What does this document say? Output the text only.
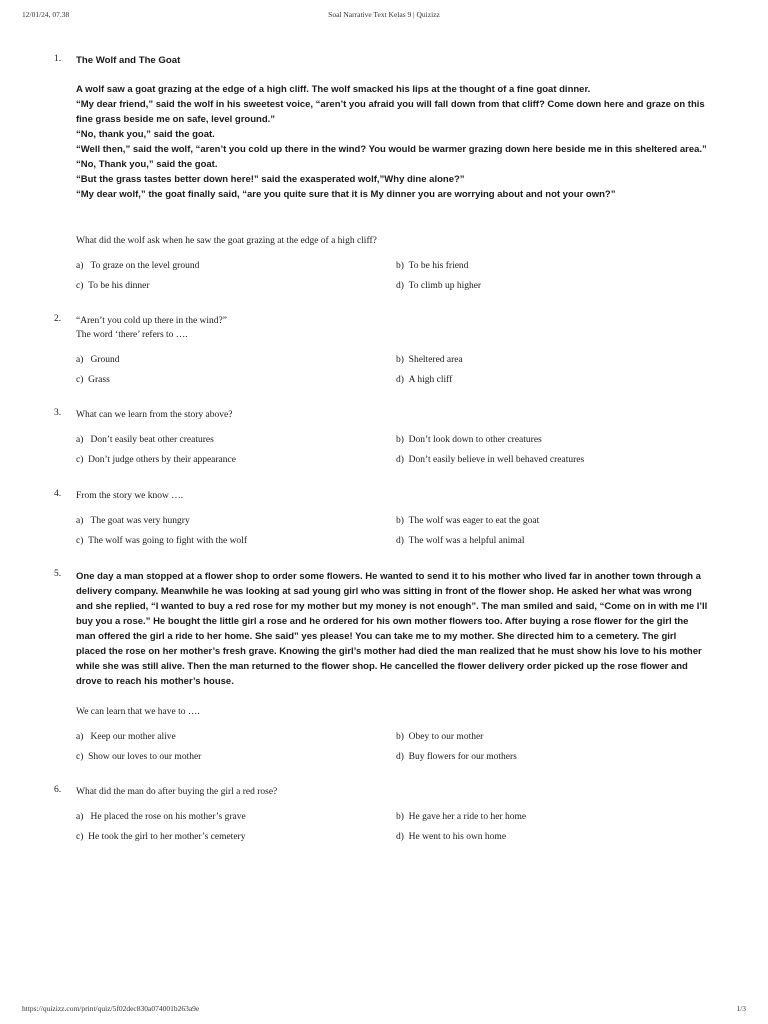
12/01/24, 07.38	Soal Narrative Text Kelas 9 | Quizizz
1. The Wolf and The Goat

A wolf saw a goat grazing at the edge of a high cliff. The wolf smacked his lips at the thought of a fine goat dinner.

“My dear friend,” said the wolf in his sweetest voice, “aren’t you afraid you will fall down from that cliff? Come down here and graze on this fine grass beside me on safe, level ground.”

“No, thank you,” said the goat.

“Well then,” said the wolf, “aren’t you cold up there in the wind? You would be warmer grazing down here beside me in this sheltered area.”

“No, Thank you,” said the goat.

“But the grass tastes better down here!” said the exasperated wolf,”Why dine alone?”

“My dear wolf,” the goat finally said, “are you quite sure that it is My dinner you are worrying about and not your own?”

What did the wolf ask when he saw the goat grazing at the edge of a high cliff?

a) To graze on the level ground	b) To be his friend
c) To be his dinner	d) To climb up higher
2. “Aren’t you cold up there in the wind?”

The word ‘there’ refers to ….

a) Ground	b) Sheltered area
c) Grass	d) A high cliff
3. What can we learn from the story above?

a) Don’t easily beat other creatures	b) Don’t look down to other creatures
c) Don’t judge others by their appearance	d) Don’t easily believe in well behaved creatures
4. From the story we know ….

a) The goat was very hungry	b) The wolf was eager to eat the goat
c) The wolf was going to fight with the wolf	d) The wolf was a helpful animal
5. One day a man stopped at a flower shop to order some flowers. He wanted to send it to his mother who lived far in another town through a delivery company. Meanwhile he was looking at sad young girl who was sitting in front of the flower shop. He asked her what was wrong and she replied, “I wanted to buy a red rose for my mother but my money is not enough”. The man smiled and said, “Come on in with me I’ll buy you a rose.” He bought the little girl a rose and he ordered for his own mother flowers too. After buying a rose flower for the girl the man offered the girl a ride to her home. She said” yes please! You can take me to my mother. She directed him to a cemetery. The girl placed the rose on her mother’s fresh grave. Knowing the girl’s mother had died the man realized that he must show his love to his mother while she was still alive. Then the man returned to the flower shop. He cancelled the flower delivery order picked up the rose flower and drove to reach his mother’s house.

We can learn that we have to ….

a) Keep our mother alive	b) Obey to our mother
c) Show our loves to our mother	d) Buy flowers for our mothers
6. What did the man do after buying the girl a red rose?

a) He placed the rose on his mother’s grave	b) He gave her a ride to her home
c) He took the girl to her mother’s cemetery	d) He went to his own home
https://quizizz.com/print/quiz/5f02dec830a074001b263a9e	1/3
